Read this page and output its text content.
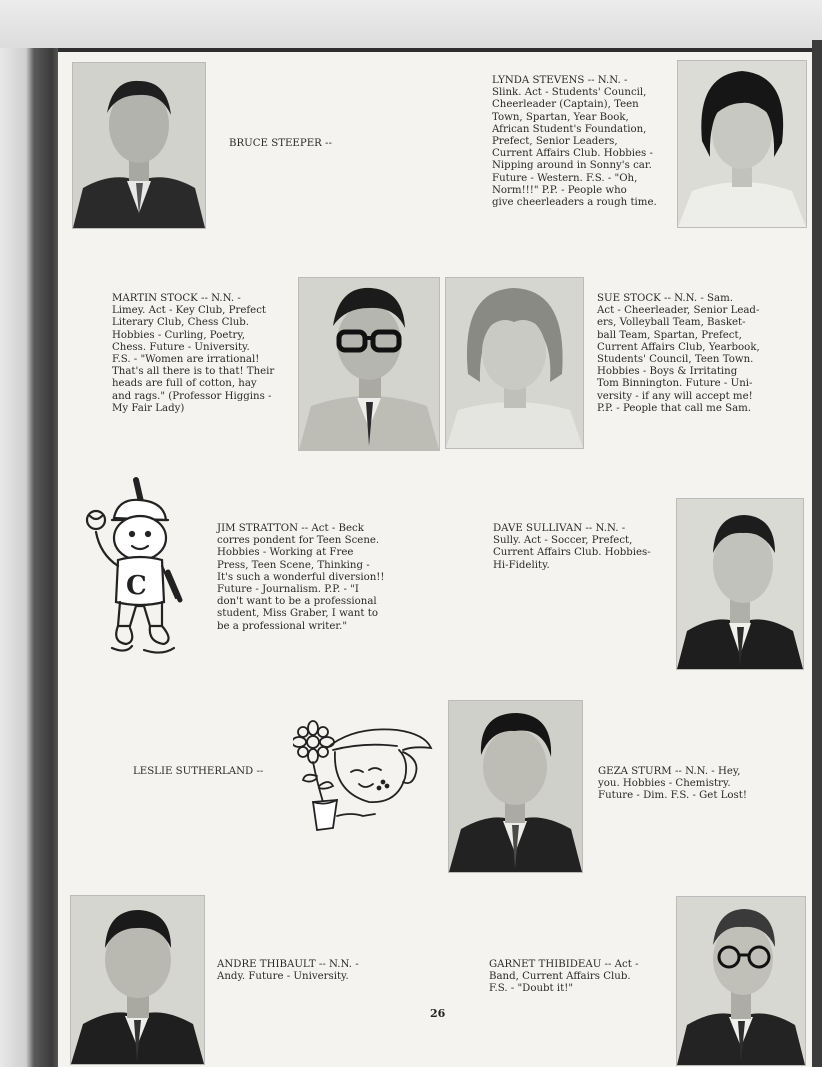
BRUCE STEEPER --
LYNDA STEVENS -- N.N. -
Slink. Act - Students' Council,
Cheerleader (Captain), Teen
Town, Spartan, Year Book,
African Student's Foundation,
Prefect, Senior Leaders,
Current Affairs Club. Hobbies -
Nipping around in Sonny's car.
Future - Western. F.S. - "Oh,
Norm!!!" P.P. - People who
give cheerleaders a rough time.
MARTIN STOCK -- N.N. -
Limey. Act - Key Club, Prefect
Literary Club, Chess Club.
Hobbies - Curling, Poetry,
Chess. Future - University.
F.S. - "Women are irrational!
That's all there is to that! Their
heads are full of cotton, hay
and rags." (Professor Higgins -
My Fair Lady)
SUE STOCK -- N.N. - Sam.
Act - Cheerleader, Senior Lead-
ers, Volleyball Team, Basket-
ball Team, Spartan, Prefect,
Current Affairs Club, Yearbook,
Students' Council, Teen Town.
Hobbies - Boys & Irritating
Tom Binnington. Future - Uni-
versity - if any will accept me!
P.P. - People that call me Sam.
C
JIM STRATTON -- Act - Beck
corres pondent for Teen Scene.
Hobbies - Working at Free
Press, Teen Scene, Thinking -
It's such a wonderful diversion!!
Future - Journalism. P.P. - "I
don't want to be a professional
student, Miss Graber, I want to
be a professional writer."
DAVE SULLIVAN -- N.N. -
Sully. Act - Soccer, Prefect,
Current Affairs Club. Hobbies-
Hi-Fidelity.
LESLIE SUTHERLAND --	GEZA STURM -- N.N. - Hey,
you. Hobbies - Chemistry.
Future - Dim. F.S. - Get Lost!
ANDRE THIBAULT -- N.N. -
Andy. Future - University.
GARNET THIBIDEAU -- Act -
Band, Current Affairs Club.
F.S. - "Doubt it!"
26
